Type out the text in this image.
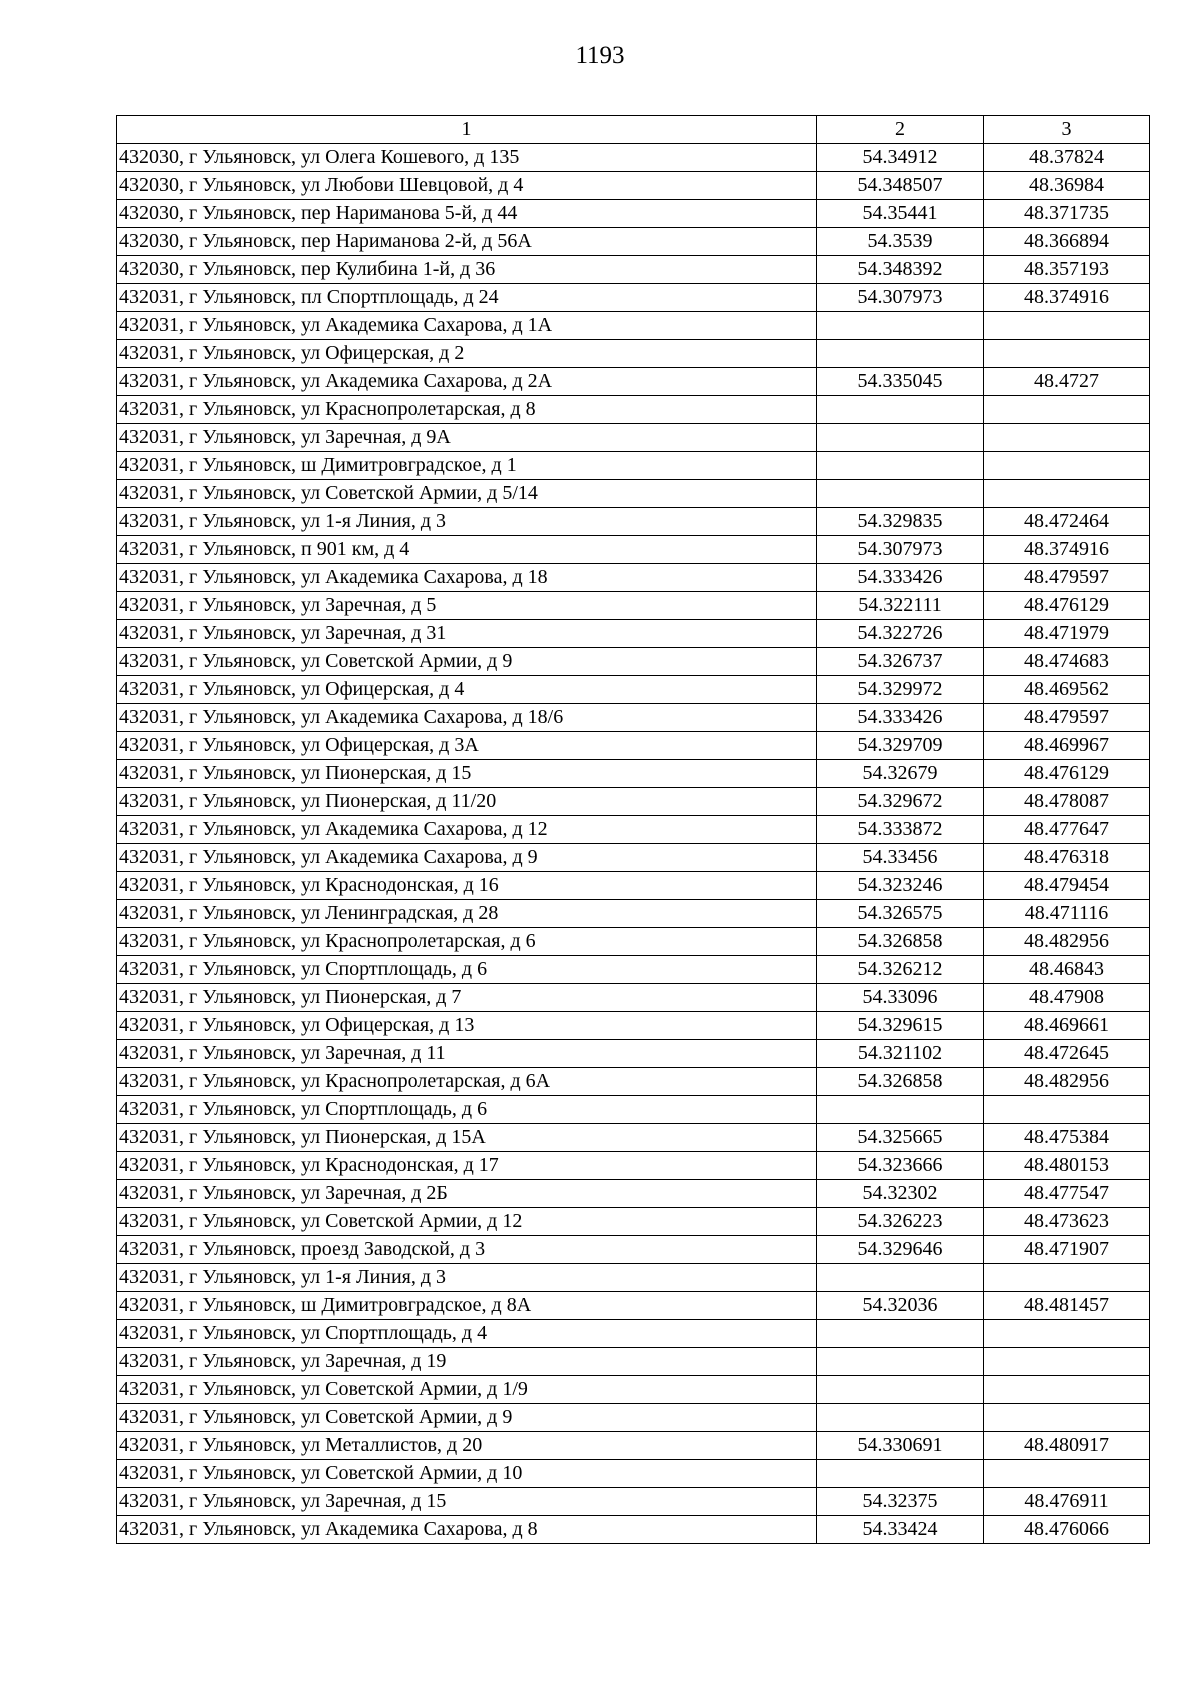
1193
1	2	3
432030, г Ульяновск, ул Олега Кошевого, д 135	54.34912	48.37824
432030, г Ульяновск, ул Любови Шевцовой, д 4	54.348507	48.36984
432030, г Ульяновск, пер Нариманова 5-й, д 44	54.35441	48.371735
432030, г Ульяновск, пер Нариманова 2-й, д 56А	54.3539	48.366894
432030, г Ульяновск, пер Кулибина 1-й, д 36	54.348392	48.357193
432031, г Ульяновск, пл Спортплощадь, д 24	54.307973	48.374916
432031, г Ульяновск, ул Академика Сахарова, д 1А		
432031, г Ульяновск, ул Офицерская, д 2		
432031, г Ульяновск, ул Академика Сахарова, д 2А	54.335045	48.4727
432031, г Ульяновск, ул Краснопролетарская, д 8		
432031, г Ульяновск, ул Заречная, д 9А		
432031, г Ульяновск, ш Димитровградское, д 1		
432031, г Ульяновск, ул Советской Армии, д 5/14		
432031, г Ульяновск, ул 1-я Линия, д 3	54.329835	48.472464
432031, г Ульяновск, п 901 км, д 4	54.307973	48.374916
432031, г Ульяновск, ул Академика Сахарова, д 18	54.333426	48.479597
432031, г Ульяновск, ул Заречная, д 5	54.322111	48.476129
432031, г Ульяновск, ул Заречная, д 31	54.322726	48.471979
432031, г Ульяновск, ул Советской Армии, д 9	54.326737	48.474683
432031, г Ульяновск, ул Офицерская, д 4	54.329972	48.469562
432031, г Ульяновск, ул Академика Сахарова, д 18/6	54.333426	48.479597
432031, г Ульяновск, ул Офицерская, д 3А	54.329709	48.469967
432031, г Ульяновск, ул Пионерская, д 15	54.32679	48.476129
432031, г Ульяновск, ул Пионерская, д 11/20	54.329672	48.478087
432031, г Ульяновск, ул Академика Сахарова, д 12	54.333872	48.477647
432031, г Ульяновск, ул Академика Сахарова, д 9	54.33456	48.476318
432031, г Ульяновск, ул Краснодонская, д 16	54.323246	48.479454
432031, г Ульяновск, ул Ленинградская, д 28	54.326575	48.471116
432031, г Ульяновск, ул Краснопролетарская, д 6	54.326858	48.482956
432031, г Ульяновск, ул Спортплощадь, д 6	54.326212	48.46843
432031, г Ульяновск, ул Пионерская, д 7	54.33096	48.47908
432031, г Ульяновск, ул Офицерская, д 13	54.329615	48.469661
432031, г Ульяновск, ул Заречная, д 11	54.321102	48.472645
432031, г Ульяновск, ул Краснопролетарская, д 6А	54.326858	48.482956
432031, г Ульяновск, ул Спортплощадь, д 6		
432031, г Ульяновск, ул Пионерская, д 15А	54.325665	48.475384
432031, г Ульяновск, ул Краснодонская, д 17	54.323666	48.480153
432031, г Ульяновск, ул Заречная, д 2Б	54.32302	48.477547
432031, г Ульяновск, ул Советской Армии, д 12	54.326223	48.473623
432031, г Ульяновск, проезд Заводской, д 3	54.329646	48.471907
432031, г Ульяновск, ул 1-я Линия, д 3		
432031, г Ульяновск, ш Димитровградское, д 8А	54.32036	48.481457
432031, г Ульяновск, ул Спортплощадь, д 4		
432031, г Ульяновск, ул Заречная, д 19		
432031, г Ульяновск, ул Советской Армии, д 1/9		
432031, г Ульяновск, ул Советской Армии, д 9		
432031, г Ульяновск, ул Металлистов, д 20	54.330691	48.480917
432031, г Ульяновск, ул Советской Армии, д 10		
432031, г Ульяновск, ул Заречная, д 15	54.32375	48.476911
432031, г Ульяновск, ул Академика Сахарова, д 8	54.33424	48.476066
